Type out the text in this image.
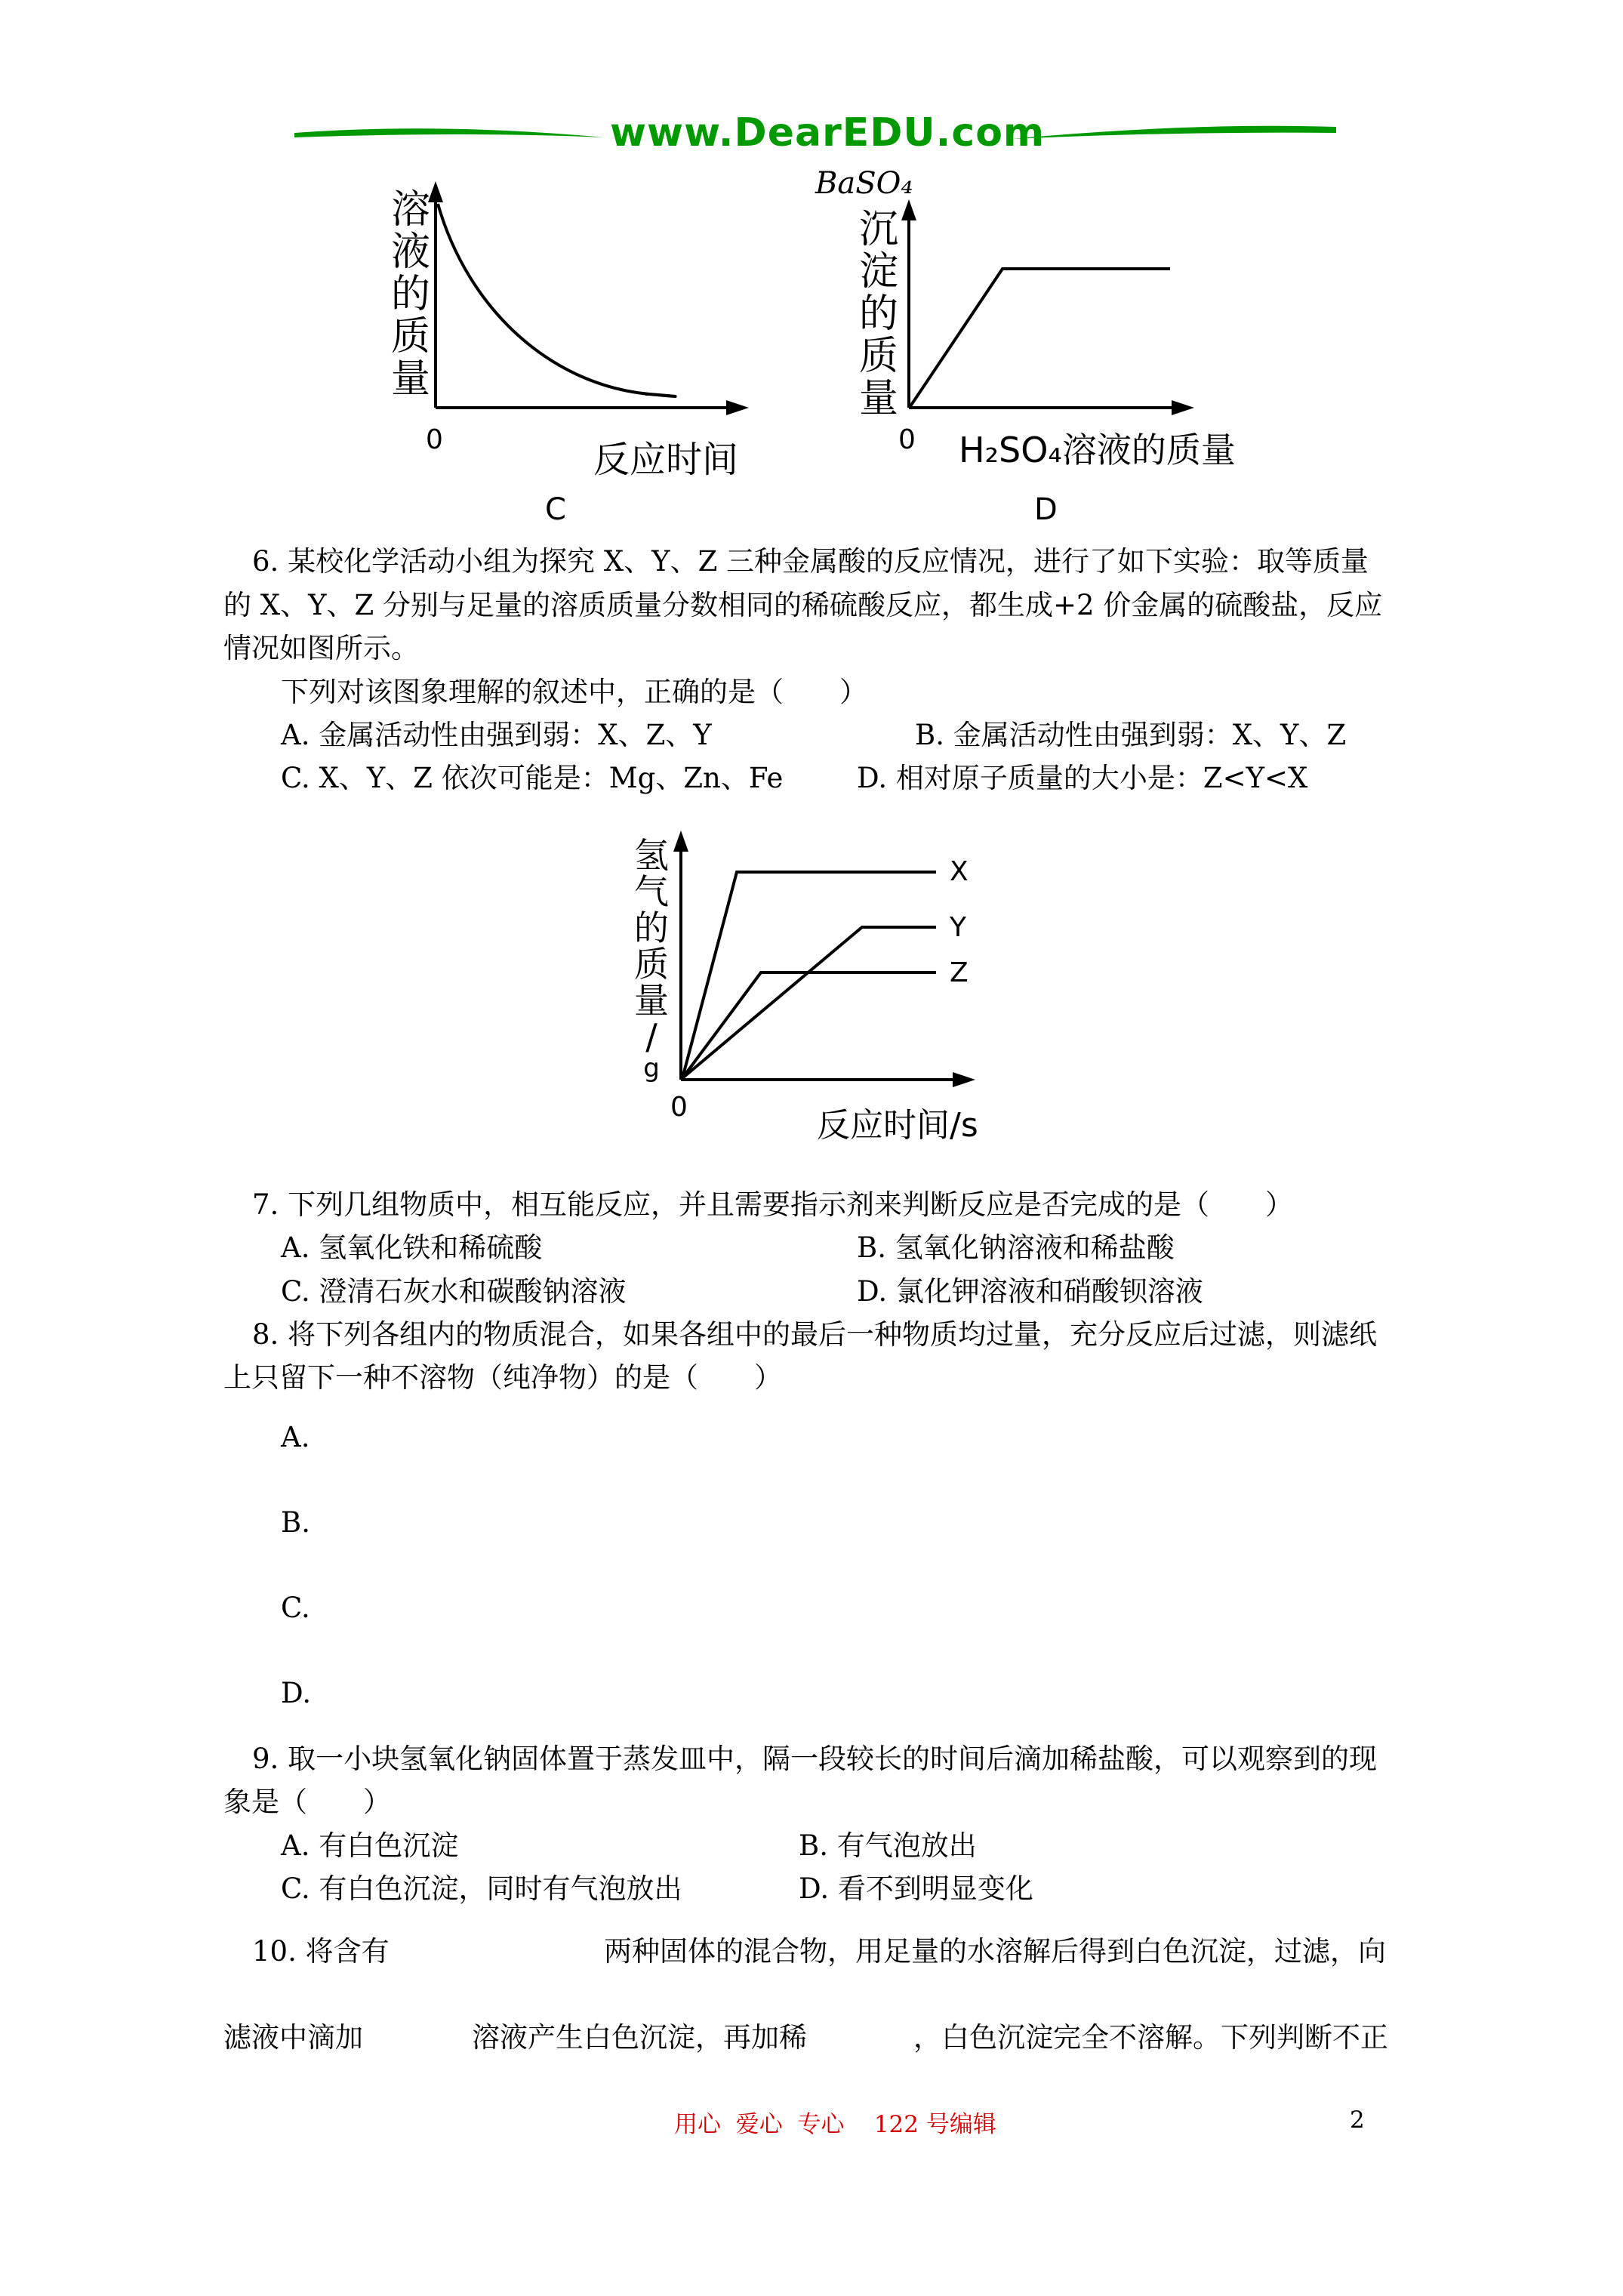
www.DearEDU.com
溶
液
的
质
量
0	反应时间
C
BaSO₄
沉
淀
的
质
量
0 H₂SO₄溶液的质量
D
6. 某校化学活动小组为探究 X、Y、Z 三种金属酸的反应情况，进行了如下实验：取等质量
的 X、Y、Z 分别与足量的溶质质量分数相同的稀硫酸反应，都生成+2 价金属的硫酸盐，反应
情况如图所示。
下列对该图象理解的叙述中，正确的是（　　）
A. 金属活动性由强到弱：X、Z、Y	B. 金属活动性由强到弱：X、Y、Z
C. X、Y、Z 依次可能是：Mg、Zn、Fe	D. 相对原子质量的大小是：Z<Y<X
氢
气
的
质
量
/
g
0	反应时间/s
X
Y
Z
7. 下列几组物质中，相互能反应，并且需要指示剂来判断反应是否完成的是（　　）
A. 氢氧化铁和稀硫酸	B. 氢氧化钠溶液和稀盐酸
C. 澄清石灰水和碳酸钠溶液	D. 氯化钾溶液和硝酸钡溶液
8. 将下列各组内的物质混合，如果各组中的最后一种物质均过量，充分反应后过滤，则滤纸
上只留下一种不溶物（纯净物）的是（　　）
A.
B.
C.
D.
9. 取一小块氢氧化钠固体置于蒸发皿中，隔一段较长的时间后滴加稀盐酸，可以观察到的现
象是（　　）
A. 有白色沉淀	B. 有气泡放出
C. 有白色沉淀，同时有气泡放出	D. 看不到明显变化
10. 将含有	两种固体的混合物，用足量的水溶解后得到白色沉淀，过滤，向
滤液中滴加	溶液产生白色沉淀，再加稀	，白色沉淀完全不溶解。下列判断不正
用心  爱心  专心    122 号编辑	2
